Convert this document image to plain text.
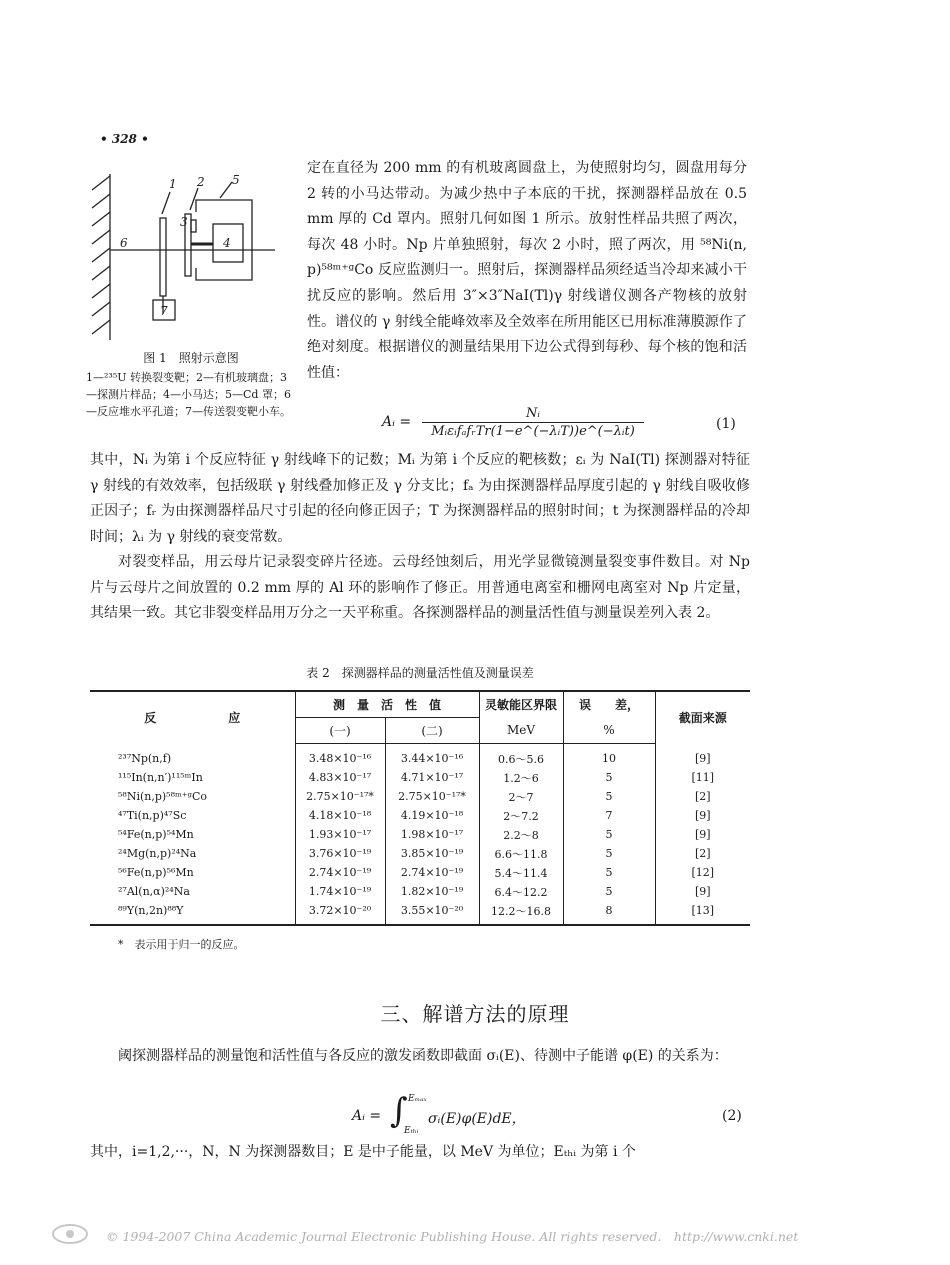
• 328 •
1 2
3
4
5
6
7
图 1　照射示意图
1—²³⁵U 转换裂变靶；2—有机玻璃盘；3—探测片样品；4—小马达；5—Cd 罩；6—反应堆水平孔道；7—传送裂变靶小车。
定在直径为 200 mm 的有机玻离圆盘上，为使照射均匀，圆盘用每分 2 转的小马达带动。为减少热中子本底的干扰，探测器样品放在 0.5 mm 厚的 Cd 罩内。照射几何如图 1 所示。放射性样品共照了两次，每次 48 小时。Np 片单独照射，每次 2 小时，照了两次，用 ⁵⁸Ni(n, p)⁵⁸ᵐ⁺ᵍCo 反应监测归一。照射后，探测器样品须经适当冷却来减小干扰反应的影响。然后用 3″×3″NaI(Tl)γ 射线谱仪测各产物核的放射性。谱仪的 γ 射线全能峰效率及全效率在所用能区已用标准薄膜源作了绝对刻度。根据谱仪的测量结果用下边公式得到每秒、每个核的饱和活性值：
Aᵢ =
Nᵢ
MᵢεᵢfₐfᵣTr(1−e^(−λᵢT))e^(−λᵢt)	(1)
其中，Nᵢ 为第 i 个反应特征 γ 射线峰下的记数；Mᵢ 为第 i 个反应的靶核数；εᵢ 为 NaI(Tl) 探测器对特征 γ 射线的有效效率，包括级联 γ 射线叠加修正及 γ 分支比；fₐ 为由探测器样品厚度引起的 γ 射线自吸收修正因子；fᵣ 为由探测器样品尺寸引起的径向修正因子；T 为探测器样品的照射时间；t 为探测器样品的冷却时间；λᵢ 为 γ 射线的衰变常数。
对裂变样品，用云母片记录裂变碎片径迹。云母经蚀刻后，用光学显微镜测量裂变事件数目。对 Np 片与云母片之间放置的 0.2 mm 厚的 Al 环的影响作了修正。用普通电离室和栅网电离室对 Np 片定量，其结果一致。其它非裂变样品用万分之一天平称重。各探测器样品的测量活性值与测量误差列入表 2。
表 2　探测器样品的测量活性值及测量误差
反　　　　　　应	测　量　活　性　值		灵敏能区界限	误　　差，	截面来源
	(一)	(二)	MeV	%	
²³⁷Np(n,f)	3.48×10⁻¹⁶	3.44×10⁻¹⁶	0.6～5.6	10	[9]
¹¹⁵In(n,n′)¹¹⁵ᵐIn	4.83×10⁻¹⁷	4.71×10⁻¹⁷	1.2～6	5	[11]
⁵⁸Ni(n,p)⁵⁸ᵐ⁺ᵍCo	2.75×10⁻¹⁷*	2.75×10⁻¹⁷*	2～7	5	[2]
⁴⁷Ti(n,p)⁴⁷Sc	4.18×10⁻¹⁸	4.19×10⁻¹⁸	2～7.2	7	[9]
⁵⁴Fe(n,p)⁵⁴Mn	1.93×10⁻¹⁷	1.98×10⁻¹⁷	2.2～8	5	[9]
²⁴Mg(n,p)²⁴Na	3.76×10⁻¹⁹	3.85×10⁻¹⁹	6.6～11.8	5	[2]
⁵⁶Fe(n,p)⁵⁶Mn	2.74×10⁻¹⁹	2.74×10⁻¹⁹	5.4～11.4	5	[12]
²⁷Al(n,α)²⁴Na	1.74×10⁻¹⁹	1.82×10⁻¹⁹	6.4～12.2	5	[9]
⁸⁹Y(n,2n)⁸⁸Y	3.72×10⁻²⁰	3.55×10⁻²⁰	12.2～16.8	8	[13]
*　表示用于归一的反应。
三、解谱方法的原理
阈探测器样品的测量饱和活性值与各反应的激发函数即截面 σᵢ(E)、待测中子能谱 φ(E) 的关系为：
Aᵢ = ∫ Eₘₐₓ
Eₜₕᵢ
σᵢ(E)φ(E)dE，	(2)
其中，i=1,2,···，N，N 为探测器数目；E 是中子能量，以 MeV 为单位；Eₜₕᵢ 为第 i 个
© 1994-2007 China Academic Journal Electronic Publishing House. All rights reserved.　http://www.cnki.net
